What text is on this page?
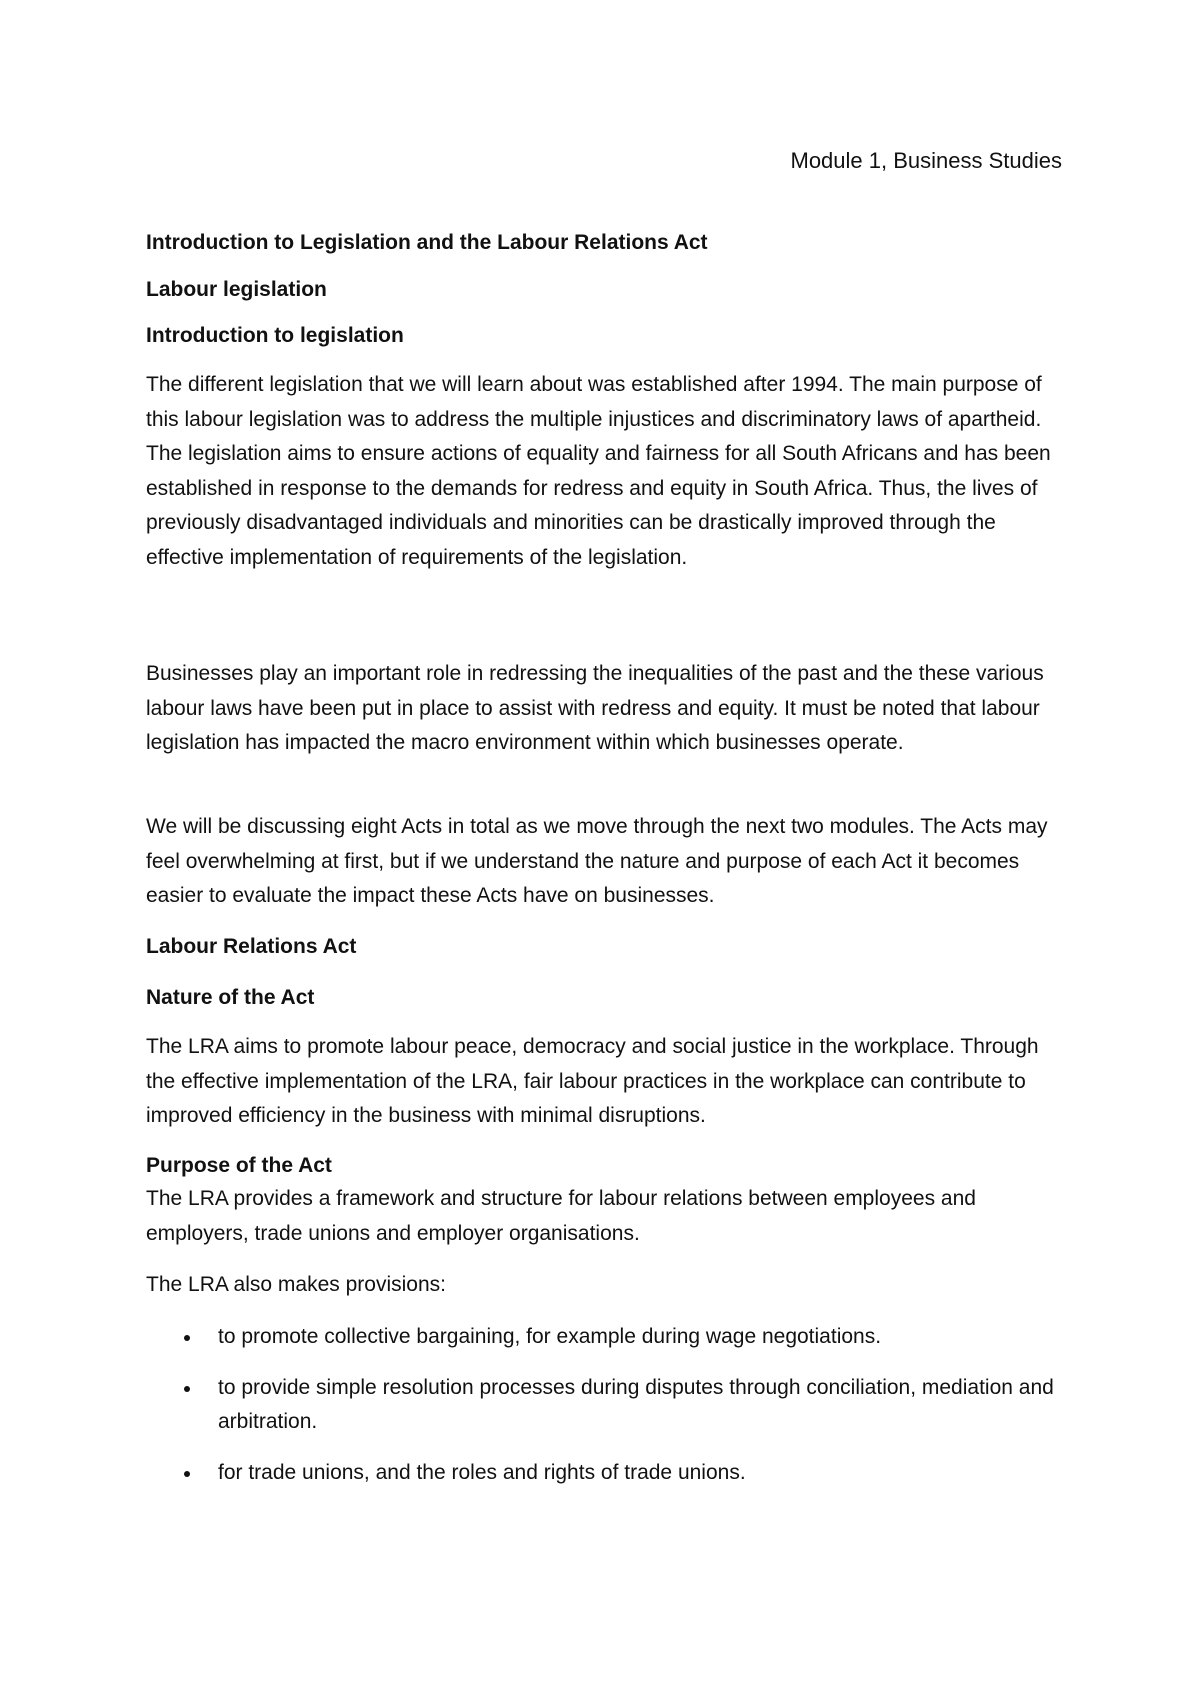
Module 1, Business Studies
Introduction to Legislation and the Labour Relations Act
Labour legislation
Introduction to legislation
The different legislation that we will learn about was established after 1994. The main purpose of this labour legislation was to address the multiple injustices and discriminatory laws of apartheid. The legislation aims to ensure actions of equality and fairness for all South Africans and has been established in response to the demands for redress and equity in South Africa. Thus, the lives of previously disadvantaged individuals and minorities can be drastically improved through the effective implementation of requirements of the legislation.
Businesses play an important role in redressing the inequalities of the past and the these various labour laws have been put in place to assist with redress and equity. It must be noted that labour legislation has impacted the macro environment within which businesses operate.
We will be discussing eight Acts in total as we move through the next two modules. The Acts may feel overwhelming at first, but if we understand the nature and purpose of each Act it becomes easier to evaluate the impact these Acts have on businesses.
Labour Relations Act
Nature of the Act
The LRA aims to promote labour peace, democracy and social justice in the workplace. Through the effective implementation of the LRA, fair labour practices in the workplace can contribute to improved efficiency in the business with minimal disruptions.
Purpose of the Act
The LRA provides a framework and structure for labour relations between employees and employers, trade unions and employer organisations.
The LRA also makes provisions:
to promote collective bargaining, for example during wage negotiations.
to provide simple resolution processes during disputes through conciliation, mediation and arbitration.
for trade unions, and the roles and rights of trade unions.
